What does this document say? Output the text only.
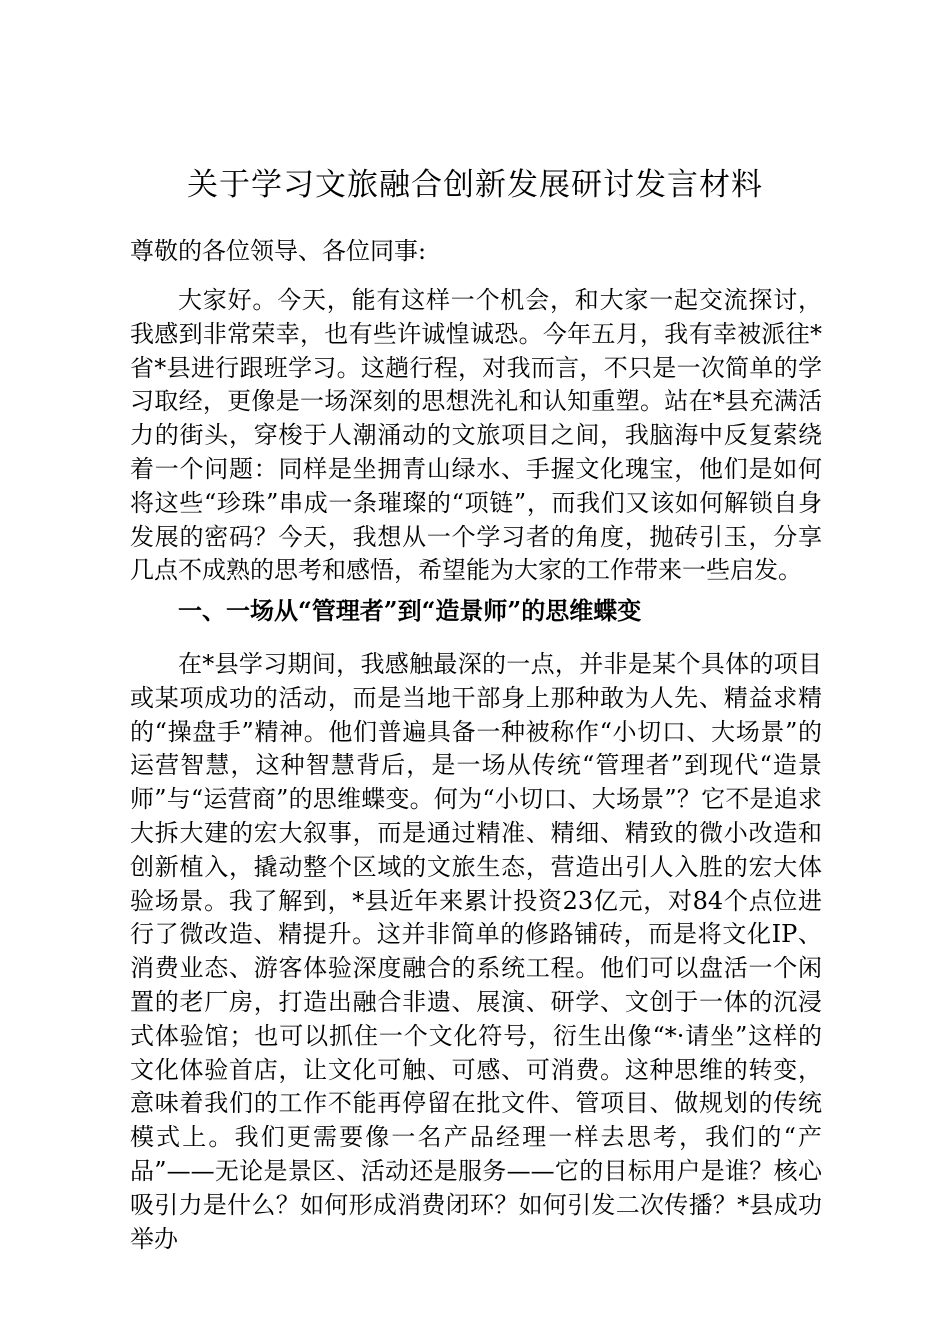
关于学习文旅融合创新发展研讨发言材料

尊敬的各位领导、各位同事:

大家好。今天，能有这样一个机会，和大家一起交流探讨，我感到非常荣幸，也有些许诚惶诚恐。今年五月，我有幸被派往*省*县进行跟班学习。这趟行程，对我而言，不只是一次简单的学习取经，更像是一场深刻的思想洗礼和认知重塑。站在*县充满活力的街头，穿梭于人潮涌动的文旅项目之间，我脑海中反复萦绕着一个问题：同样是坐拥青山绿水、手握文化瑰宝，他们是如何将这些“珍珠”串成一条璀璨的“项链”，而我们又该如何解锁自身发展的密码？今天，我想从一个学习者的角度，抛砖引玉，分享几点不成熟的思考和感悟，希望能为大家的工作带来一些启发。

一、一场从“管理者”到“造景师”的思维蝶变

在*县学习期间，我感触最深的一点，并非是某个具体的项目或某项成功的活动，而是当地干部身上那种敢为人先、精益求精的“操盘手”精神。他们普遍具备一种被称作“小切口、大场景”的运营智慧，这种智慧背后，是一场从传统“管理者”到现代“造景师”与“运营商”的思维蝶变。何为“小切口、大场景”？它不是追求大拆大建的宏大叙事，而是通过精准、精细、精致的微小改造和创新植入，撬动整个区域的文旅生态，营造出引人入胜的宏大体验场景。我了解到，*县近年来累计投资23亿元，对84个点位进行了微改造、精提升。这并非简单的修路铺砖，而是将文化IP、消费业态、游客体验深度融合的系统工程。他们可以盘活一个闲置的老厂房，打造出融合非遗、展演、研学、文创于一体的沉浸式体验馆；也可以抓住一个文化符号，衍生出像“*·请坐”这样的文化体验首店，让文化可触、可感、可消费。这种思维的转变，意味着我们的工作不能再停留在批文件、管项目、做规划的传统模式上。我们更需要像一名产品经理一样去思考，我们的“产品”——无论是景区、活动还是服务——它的目标用户是谁？核心吸引力是什么？如何形成消费闭环？如何引发二次传播？*县成功举办
